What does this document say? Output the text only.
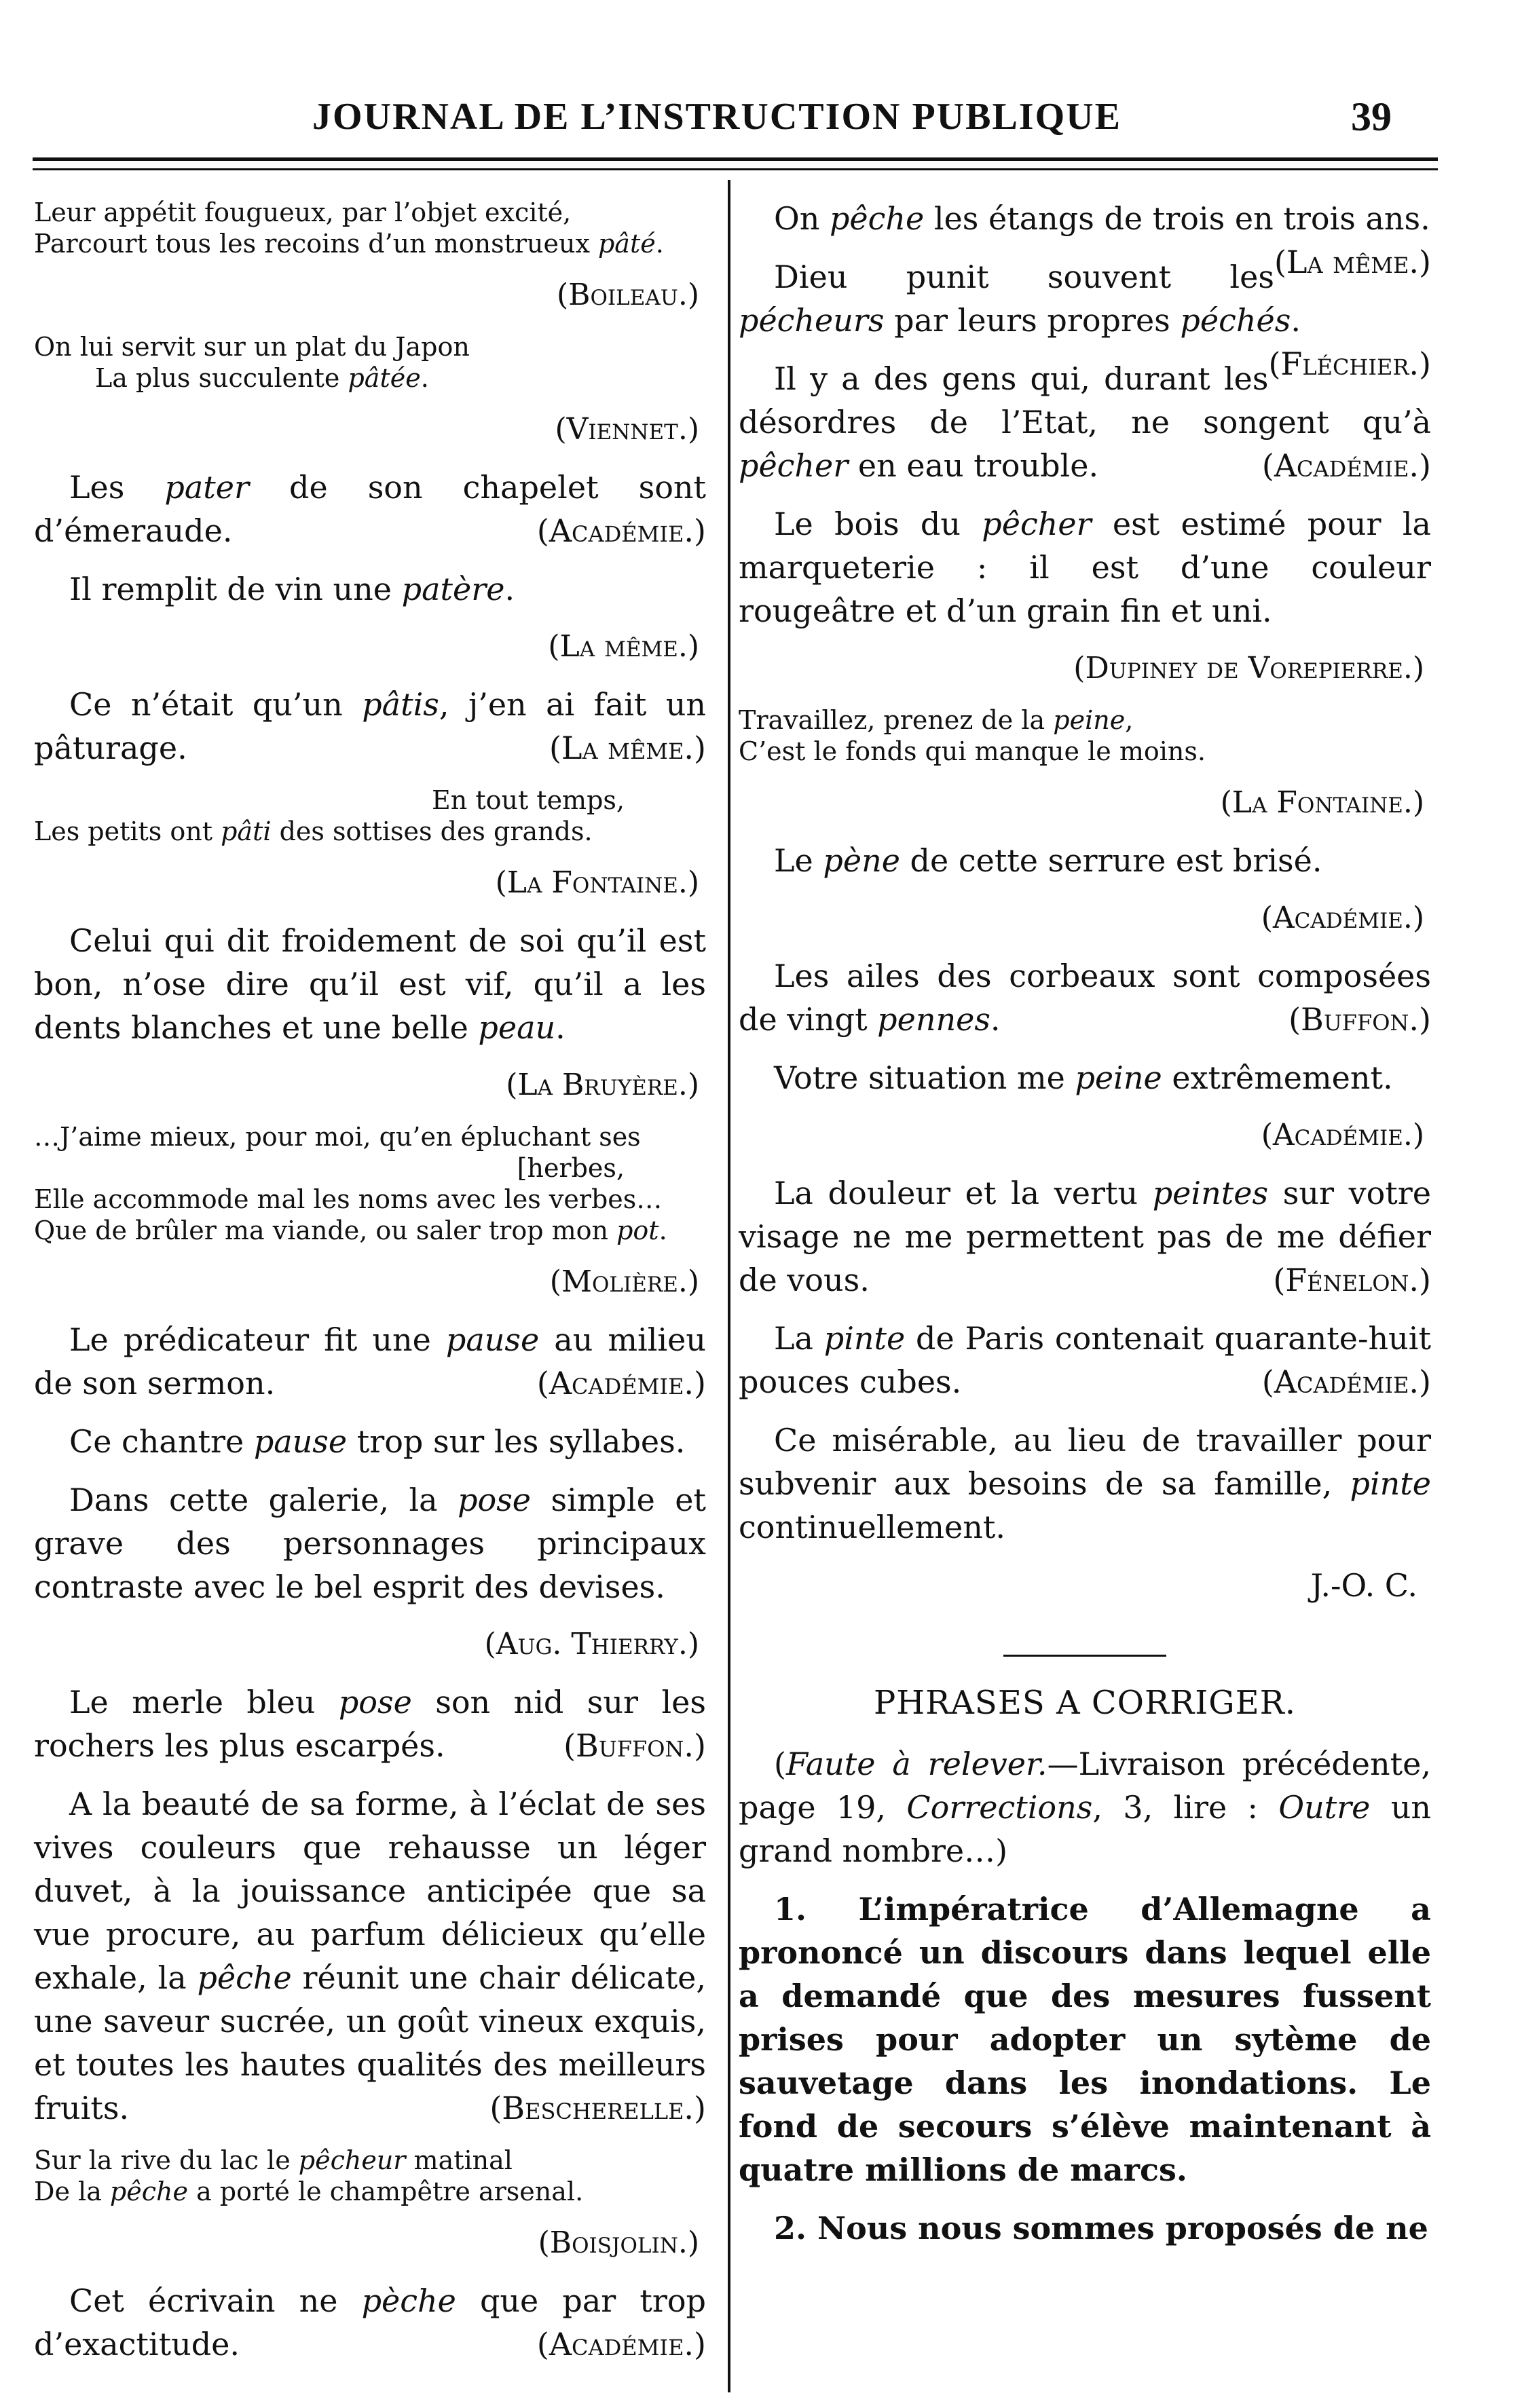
JOURNAL DE L’INSTRUCTION PUBLIQUE	39
Leur appétit fougueux, par l’objet excité,
Parcourt tous les recoins d’un monstrueux pâté.
(Boileau.)
On lui servit sur un plat du Japon
La plus succulente pâtée.
(Viennet.)
Les pater de son chapelet sont d’émeraude.	(Académie.)
Il remplit de vin une patère.
(La même.)
Ce n’était qu’un pâtis, j’en ai fait un pâturage.	(La même.)
En tout temps,
Les petits ont pâti des sottises des grands.
(La Fontaine.)
Celui qui dit froidement de soi qu’il est bon, n’ose dire qu’il est vif, qu’il a les dents blanches et une belle peau.
(La Bruyère.)
…J’aime mieux, pour moi, qu’en épluchant ses
[herbes,
Elle accommode mal les noms avec les verbes…
Que de brûler ma viande, ou saler trop mon pot.
(Molière.)
Le prédicateur fit une pause au milieu de son sermon.	(Académie.)
Ce chantre pause trop sur les syllabes.
Dans cette galerie, la pose simple et grave des personnages principaux contraste avec le bel esprit des devises.
(Aug. Thierry.)
Le merle bleu pose son nid sur les rochers les plus escarpés.	(Buffon.)
A la beauté de sa forme, à l’éclat de ses vives couleurs que rehausse un léger duvet, à la jouissance anticipée que sa vue procure, au parfum délicieux qu’elle exhale, la pêche réunit une chair délicate, une saveur sucrée, un goût vineux exquis, et toutes les hautes qualités des meilleurs fruits.	(Bescherelle.)
Sur la rive du lac le pêcheur matinal
De la pêche a porté le champêtre arsenal.
(Boisjolin.)
Cet écrivain ne pèche que par trop d’exactitude.	(Académie.)
On pêche les étangs de trois en trois ans.
(La même.)
Dieu punit souvent les pécheurs par leurs propres péchés.
(Fléchier.)
Il y a des gens qui, durant les désordres de l’Etat, ne songent qu’à pêcher en eau trouble.	(Académie.)
Le bois du pêcher est estimé pour la marqueterie : il est d’une couleur rougeâtre et d’un grain fin et uni.
(Dupiney de Vorepierre.)
Travaillez, prenez de la peine,
C’est le fonds qui manque le moins.
(La Fontaine.)
Le pène de cette serrure est brisé.
(Académie.)
Les ailes des corbeaux sont composées de vingt pennes.	(Buffon.)
Votre situation me peine extrêmement.
(Académie.)
La douleur et la vertu peintes sur votre visage ne me permettent pas de me défier de vous.	(Fénelon.)
La pinte de Paris contenait quarante-huit pouces cubes.	(Académie.)
Ce misérable, au lieu de travailler pour subvenir aux besoins de sa famille, pinte continuellement.
J.-O. C.
PHRASES A CORRIGER.
(Faute à relever.—Livraison précédente, page 19, Corrections, 3, lire : Outre un grand nombre…)
1. L’impératrice d’Allemagne a prononcé un discours dans lequel elle a demandé que des mesures fussent prises pour adopter un sytème de sauvetage dans les inondations. Le fond de secours s’élève maintenant à quatre millions de marcs.
2. Nous nous sommes proposés de ne
